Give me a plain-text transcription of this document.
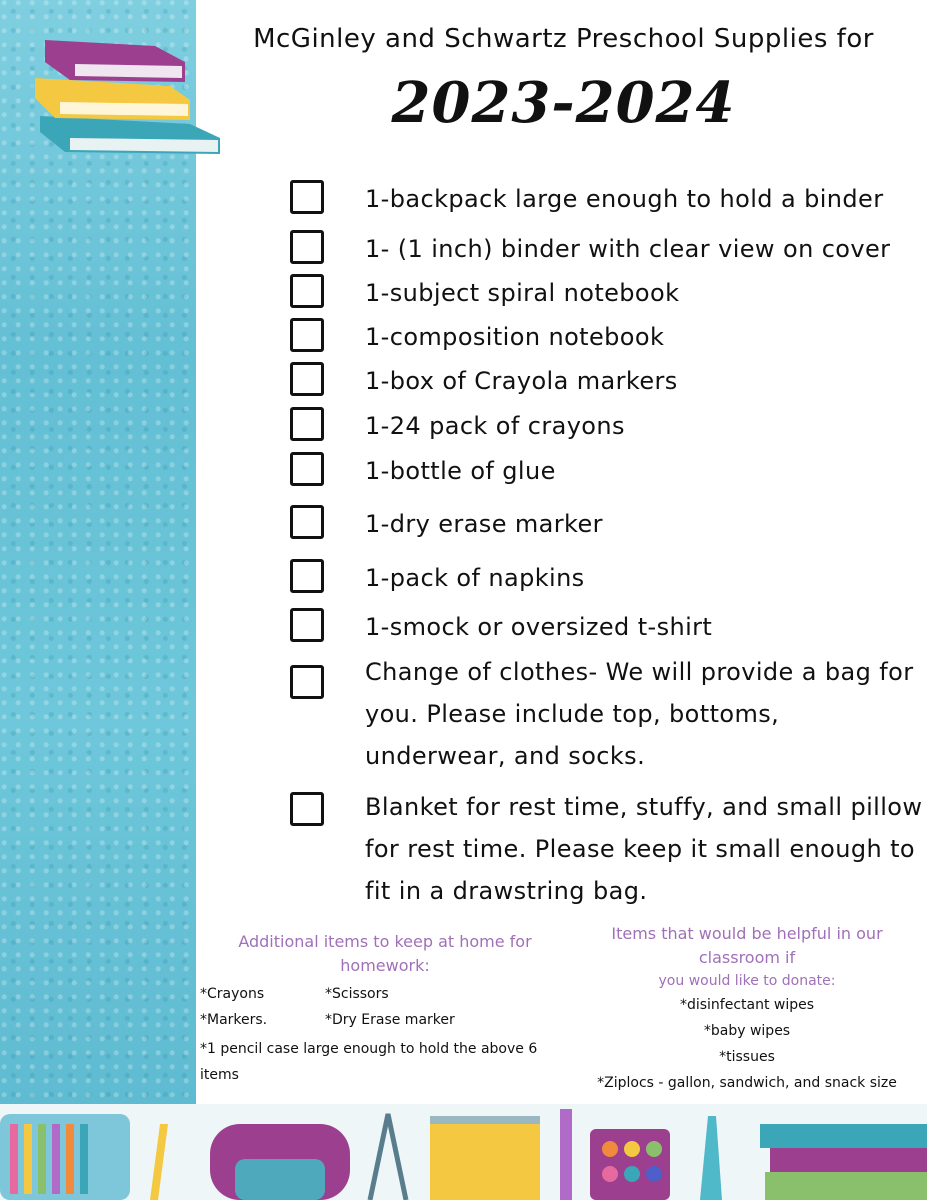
McGinley and Schwartz Preschool Supplies for
2023-2024
1-backpack large enough to hold a binder
1- (1 inch) binder with clear view on cover
1-subject spiral notebook
1-composition notebook
1-box of Crayola markers
1-24 pack of crayons
1-bottle of glue
1-dry erase marker
1-pack of napkins
1-smock or oversized t-shirt
Change of clothes- We will provide a bag for you. Please include top, bottoms, underwear, and socks.
Blanket for rest time, stuffy, and small pillow for rest time. Please keep it small enough to fit in a drawstring bag.

Additional items to keep at home for homework:

*Crayons	*Scissors
*Markers.	*Dry Erase marker
*1 pencil case large enough to hold the above 6 items

Items that would be helpful in our classroom if

you would like to donate:

*disinfectant wipes
*baby wipes
*tissues
*Ziplocs - gallon, sandwich, and snack size
